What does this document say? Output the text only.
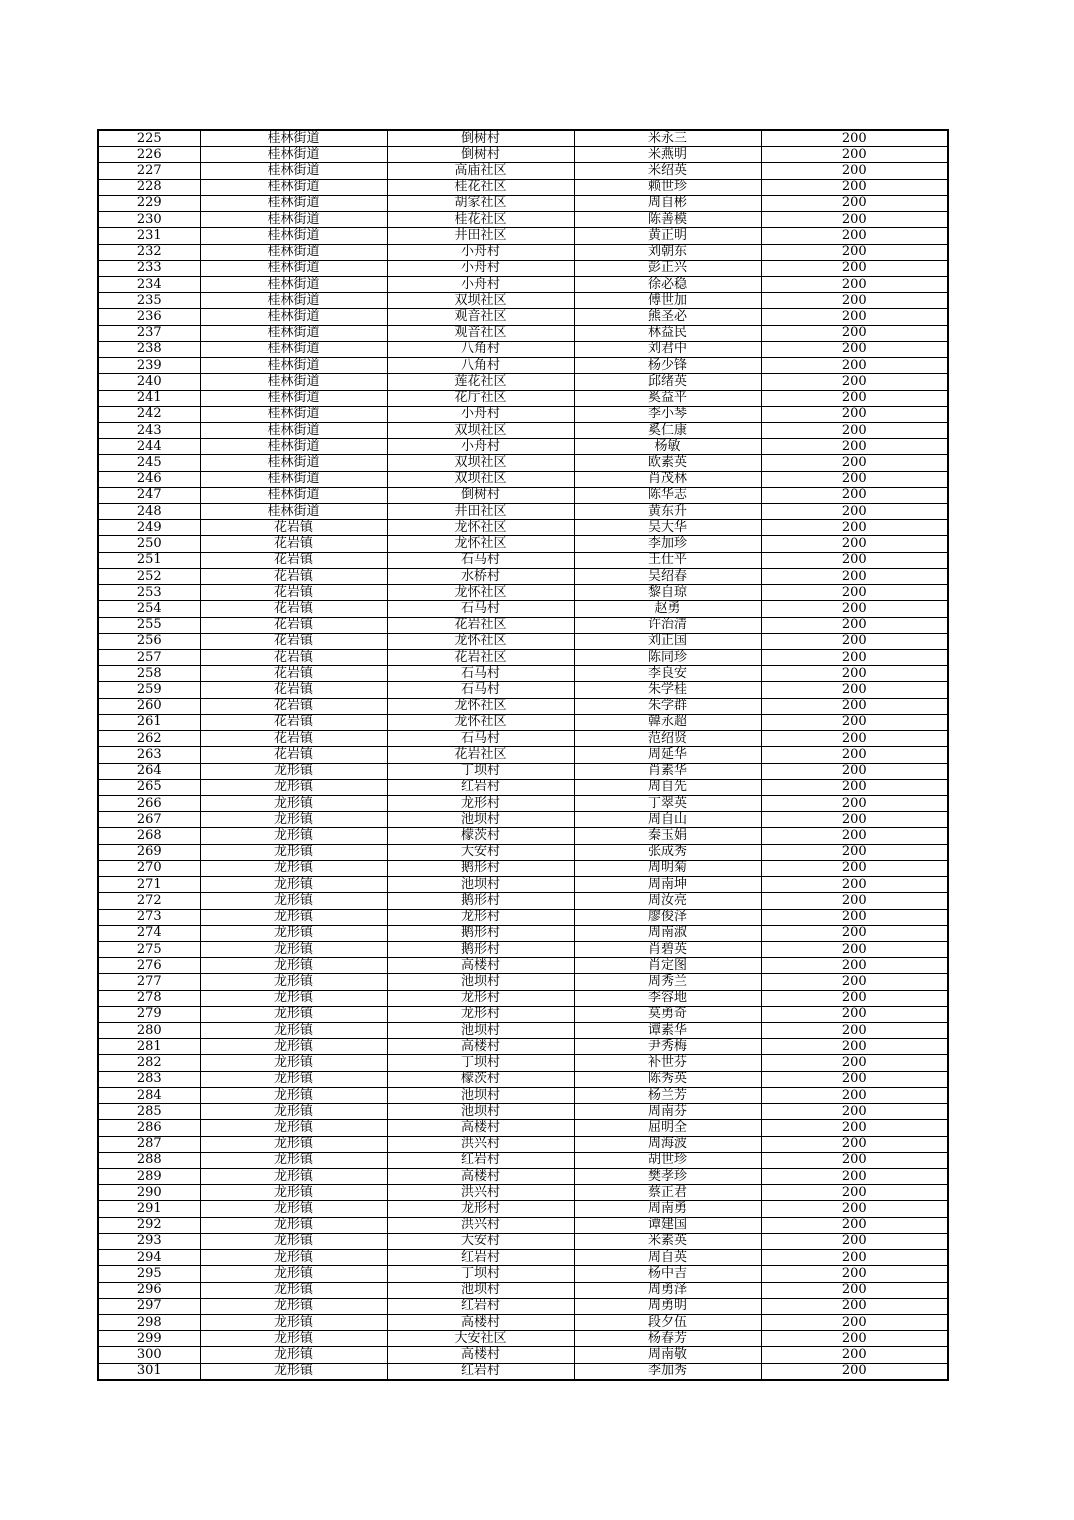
225	桂林街道	倒树村	米永三	200
226	桂林街道	倒树村	米燕明	200
227	桂林街道	高庙社区	米绍英	200
228	桂林街道	桂花社区	赖世珍	200
229	桂林街道	胡家社区	周自彬	200
230	桂林街道	桂花社区	陈善模	200
231	桂林街道	井田社区	黄正明	200
232	桂林街道	小舟村	刘朝东	200
233	桂林街道	小舟村	彭正兴	200
234	桂林街道	小舟村	徐必稳	200
235	桂林街道	双坝社区	傅世加	200
236	桂林街道	观音社区	熊圣必	200
237	桂林街道	观音社区	林益民	200
238	桂林街道	八角村	刘君中	200
239	桂林街道	八角村	杨少锋	200
240	桂林街道	莲花社区	邱绪英	200
241	桂林街道	花厅社区	奚益平	200
242	桂林街道	小舟村	李小琴	200
243	桂林街道	双坝社区	奚仁康	200
244	桂林街道	小舟村	杨敏	200
245	桂林街道	双坝社区	欧素英	200
246	桂林街道	双坝社区	肖茂林	200
247	桂林街道	倒树村	陈华志	200
248	桂林街道	井田社区	黄东升	200
249	花岩镇	龙怀社区	吴大华	200
250	花岩镇	龙怀社区	李加珍	200
251	花岩镇	石马村	王仕平	200
252	花岩镇	水桥村	吴绍春	200
253	花岩镇	龙怀社区	黎自琼	200
254	花岩镇	石马村	赵勇	200
255	花岩镇	花岩社区	许治清	200
256	花岩镇	龙怀社区	刘正国	200
257	花岩镇	花岩社区	陈同珍	200
258	花岩镇	石马村	李良安	200
259	花岩镇	石马村	朱学桂	200
260	花岩镇	龙怀社区	朱学群	200
261	花岩镇	龙怀社区	韓永超	200
262	花岩镇	石马村	范绍贤	200
263	花岩镇	花岩社区	周延华	200
264	龙形镇	丁坝村	肖素华	200
265	龙形镇	红岩村	周自先	200
266	龙形镇	龙形村	丁翠英	200
267	龙形镇	池坝村	周自山	200
268	龙形镇	檬茨村	秦玉娟	200
269	龙形镇	大安村	张成秀	200
270	龙形镇	鹅形村	周明菊	200
271	龙形镇	池坝村	周南坤	200
272	龙形镇	鹅形村	周汝亮	200
273	龙形镇	龙形村	廖俊泽	200
274	龙形镇	鹅形村	周南淑	200
275	龙形镇	鹅形村	肖碧英	200
276	龙形镇	高楼村	肖定图	200
277	龙形镇	池坝村	周秀兰	200
278	龙形镇	龙形村	李容地	200
279	龙形镇	龙形村	莫勇奇	200
280	龙形镇	池坝村	谭素华	200
281	龙形镇	高楼村	尹秀梅	200
282	龙形镇	丁坝村	补世芬	200
283	龙形镇	檬茨村	陈秀英	200
284	龙形镇	池坝村	杨兰芳	200
285	龙形镇	池坝村	周南芬	200
286	龙形镇	高楼村	屈明全	200
287	龙形镇	洪兴村	周海波	200
288	龙形镇	红岩村	胡世珍	200
289	龙形镇	高楼村	樊孝珍	200
290	龙形镇	洪兴村	蔡正君	200
291	龙形镇	龙形村	周南勇	200
292	龙形镇	洪兴村	谭建国	200
293	龙形镇	大安村	米素英	200
294	龙形镇	红岩村	周自英	200
295	龙形镇	丁坝村	杨中吉	200
296	龙形镇	池坝村	周勇泽	200
297	龙形镇	红岩村	周勇明	200
298	龙形镇	高楼村	段夕伍	200
299	龙形镇	大安社区	杨春芳	200
300	龙形镇	高楼村	周南敬	200
301	龙形镇	红岩村	李加秀	200
